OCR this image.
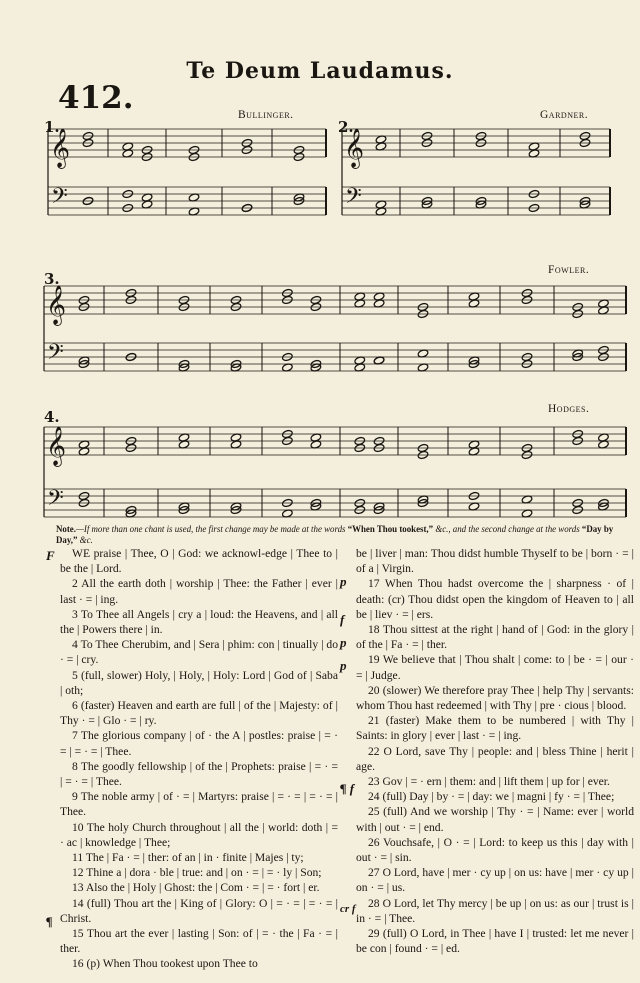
Te Deum Laudamus.
412.
1.
Bullinger.
2.
Gardner.
3.	Fowler.
4.	Hodges.
𝄞
𝄢
𝄞
𝄢
𝄞
𝄢
𝄞
𝄢
Note.—If more than one chant is used, the first change may be made at the words “When Thou tookest,” &c., and the second change at the words “Day by Day,” &c.
F
p
f
p
p
¶ f
¶
cr f

WE praise | Thee, O | God: we acknowl-edge | Thee to | be the | Lord.

2 All the earth doth | worship | Thee: the Father | ever | last · = | ing.

3 To Thee all Angels | cry a | loud: the Heavens, and | all the | Powers there | in.

4 To Thee Cherubim, and | Sera | phim: con | tinually | do · = | cry.

5 (full, slower) Holy, | Holy, | Holy: Lord | God of | Saba | oth;

6 (faster) Heaven and earth are full | of the | Majesty: of | Thy · = | Glo · = | ry.

7 The glorious company | of · the A | postles: praise | = · = | = · = | Thee.

8 The goodly fellowship | of the | Prophets: praise | = · = | = · = | Thee.

9 The noble army | of · = | Martyrs: praise | = · = | = · = | Thee.

10 The holy Church throughout | all the | world: doth | = · ac | knowledge | Thee;

11 The | Fa · = | ther: of an | in · finite | Majes | ty;

12 Thine a | dora · ble | true: and | on · = | = · ly | Son;

13 Also the | Holy | Ghost: the | Com · = | = · fort | er.

14 (full) Thou art the | King of | Glory: O | = · = | = · = | Christ.

15 Thou art the ever | lasting | Son: of | = · the | Fa · = | ther.

16 (p) When Thou tookest upon Thee to

be | liver | man: Thou didst humble Thyself to be | born · = | of a | Virgin.

17 When Thou hadst overcome the | sharpness · of | death: (cr) Thou didst open the kingdom of Heaven to | all be | liev · = | ers.

18 Thou sittest at the right | hand of | God: in the glory | of the | Fa · = | ther.

19 We believe that | Thou shalt | come: to | be · = | our · = | Judge.

20 (slower) We therefore pray Thee | help Thy | servants: whom Thou hast redeemed | with Thy | pre · cious | blood.

21 (faster) Make them to be numbered | with Thy | Saints: in glory | ever | last · = | ing.

22 O Lord, save Thy | people: and | bless Thine | herit | age.

23 Gov | = · ern | them: and | lift them | up for | ever.

24 (full) Day | by · = | day: we | magni | fy · = | Thee;

25 (full) And we worship | Thy · = | Name: ever | world with | out · = | end.

26 Vouchsafe, | O · = | Lord: to keep us this | day with | out · = | sin.

27 O Lord, have | mer · cy up | on us: have | mer · cy up | on · = | us.

28 O Lord, let Thy mercy | be up | on us: as our | trust is | in · = | Thee.

29 (full) O Lord, in Thee | have I | trusted: let me never | be con | found · = | ed.
